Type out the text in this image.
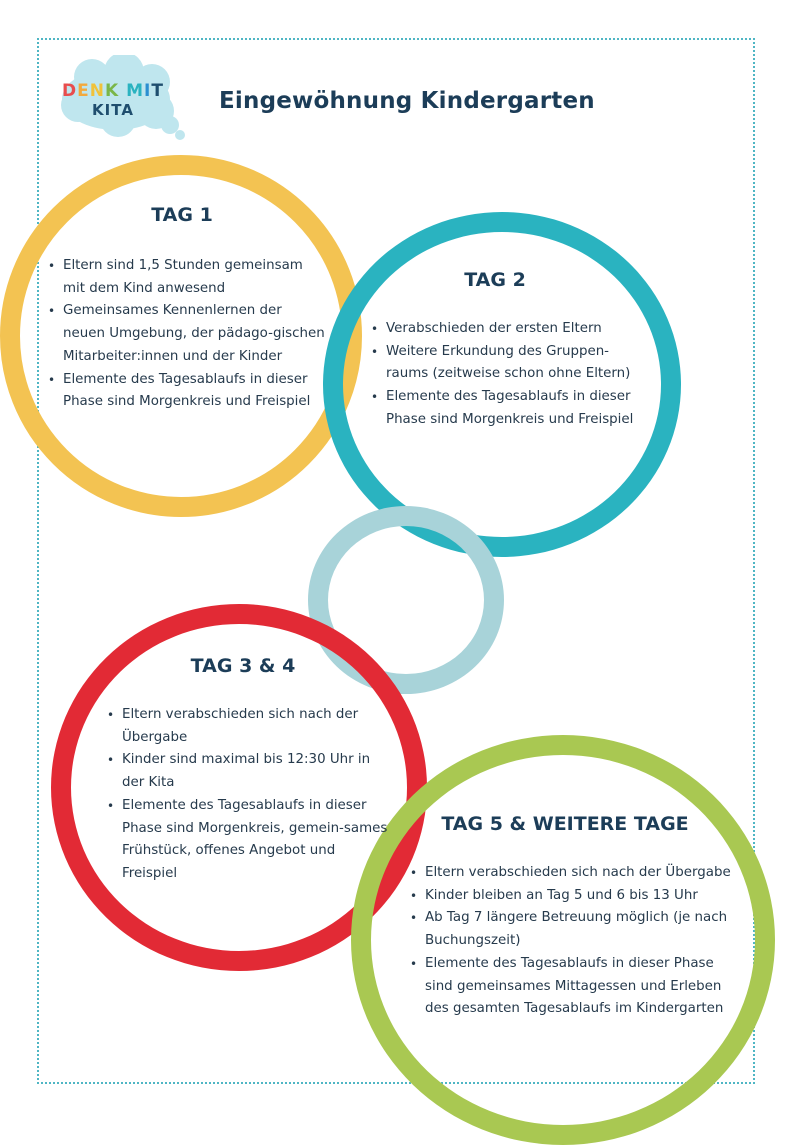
DENK MIT
KITA	Eingewöhnung Kindergarten
TAG 1
• Eltern sind 1,5 Stunden gemeinsam mit dem Kind anwesend
• Gemeinsames Kennenlernen der neuen Umgebung, der pädago-gischen Mitarbeiter:innen und der Kinder
• Elemente des Tagesablaufs in dieser Phase sind Morgenkreis und Freispiel
TAG 2
• Verabschieden der ersten Eltern
• Weitere Erkundung des Gruppen-raums (zeitweise schon ohne Eltern)
• Elemente des Tagesablaufs in dieser Phase sind Morgenkreis und Freispiel
TAG 3 & 4
• Eltern verabschieden sich nach der Übergabe
• Kinder sind maximal bis 12:30 Uhr in der Kita
• Elemente des Tagesablaufs in dieser Phase sind Morgenkreis, gemein-sames Frühstück, offenes Angebot und Freispiel
TAG 5 & WEITERE TAGE
• Eltern verabschieden sich nach der Übergabe
• Kinder bleiben an Tag 5 und 6 bis 13 Uhr
• Ab Tag 7 längere Betreuung möglich (je nach Buchungszeit)
• Elemente des Tagesablaufs in dieser Phase sind gemeinsames Mittagessen und Erleben des gesamten Tagesablaufs im Kindergarten
